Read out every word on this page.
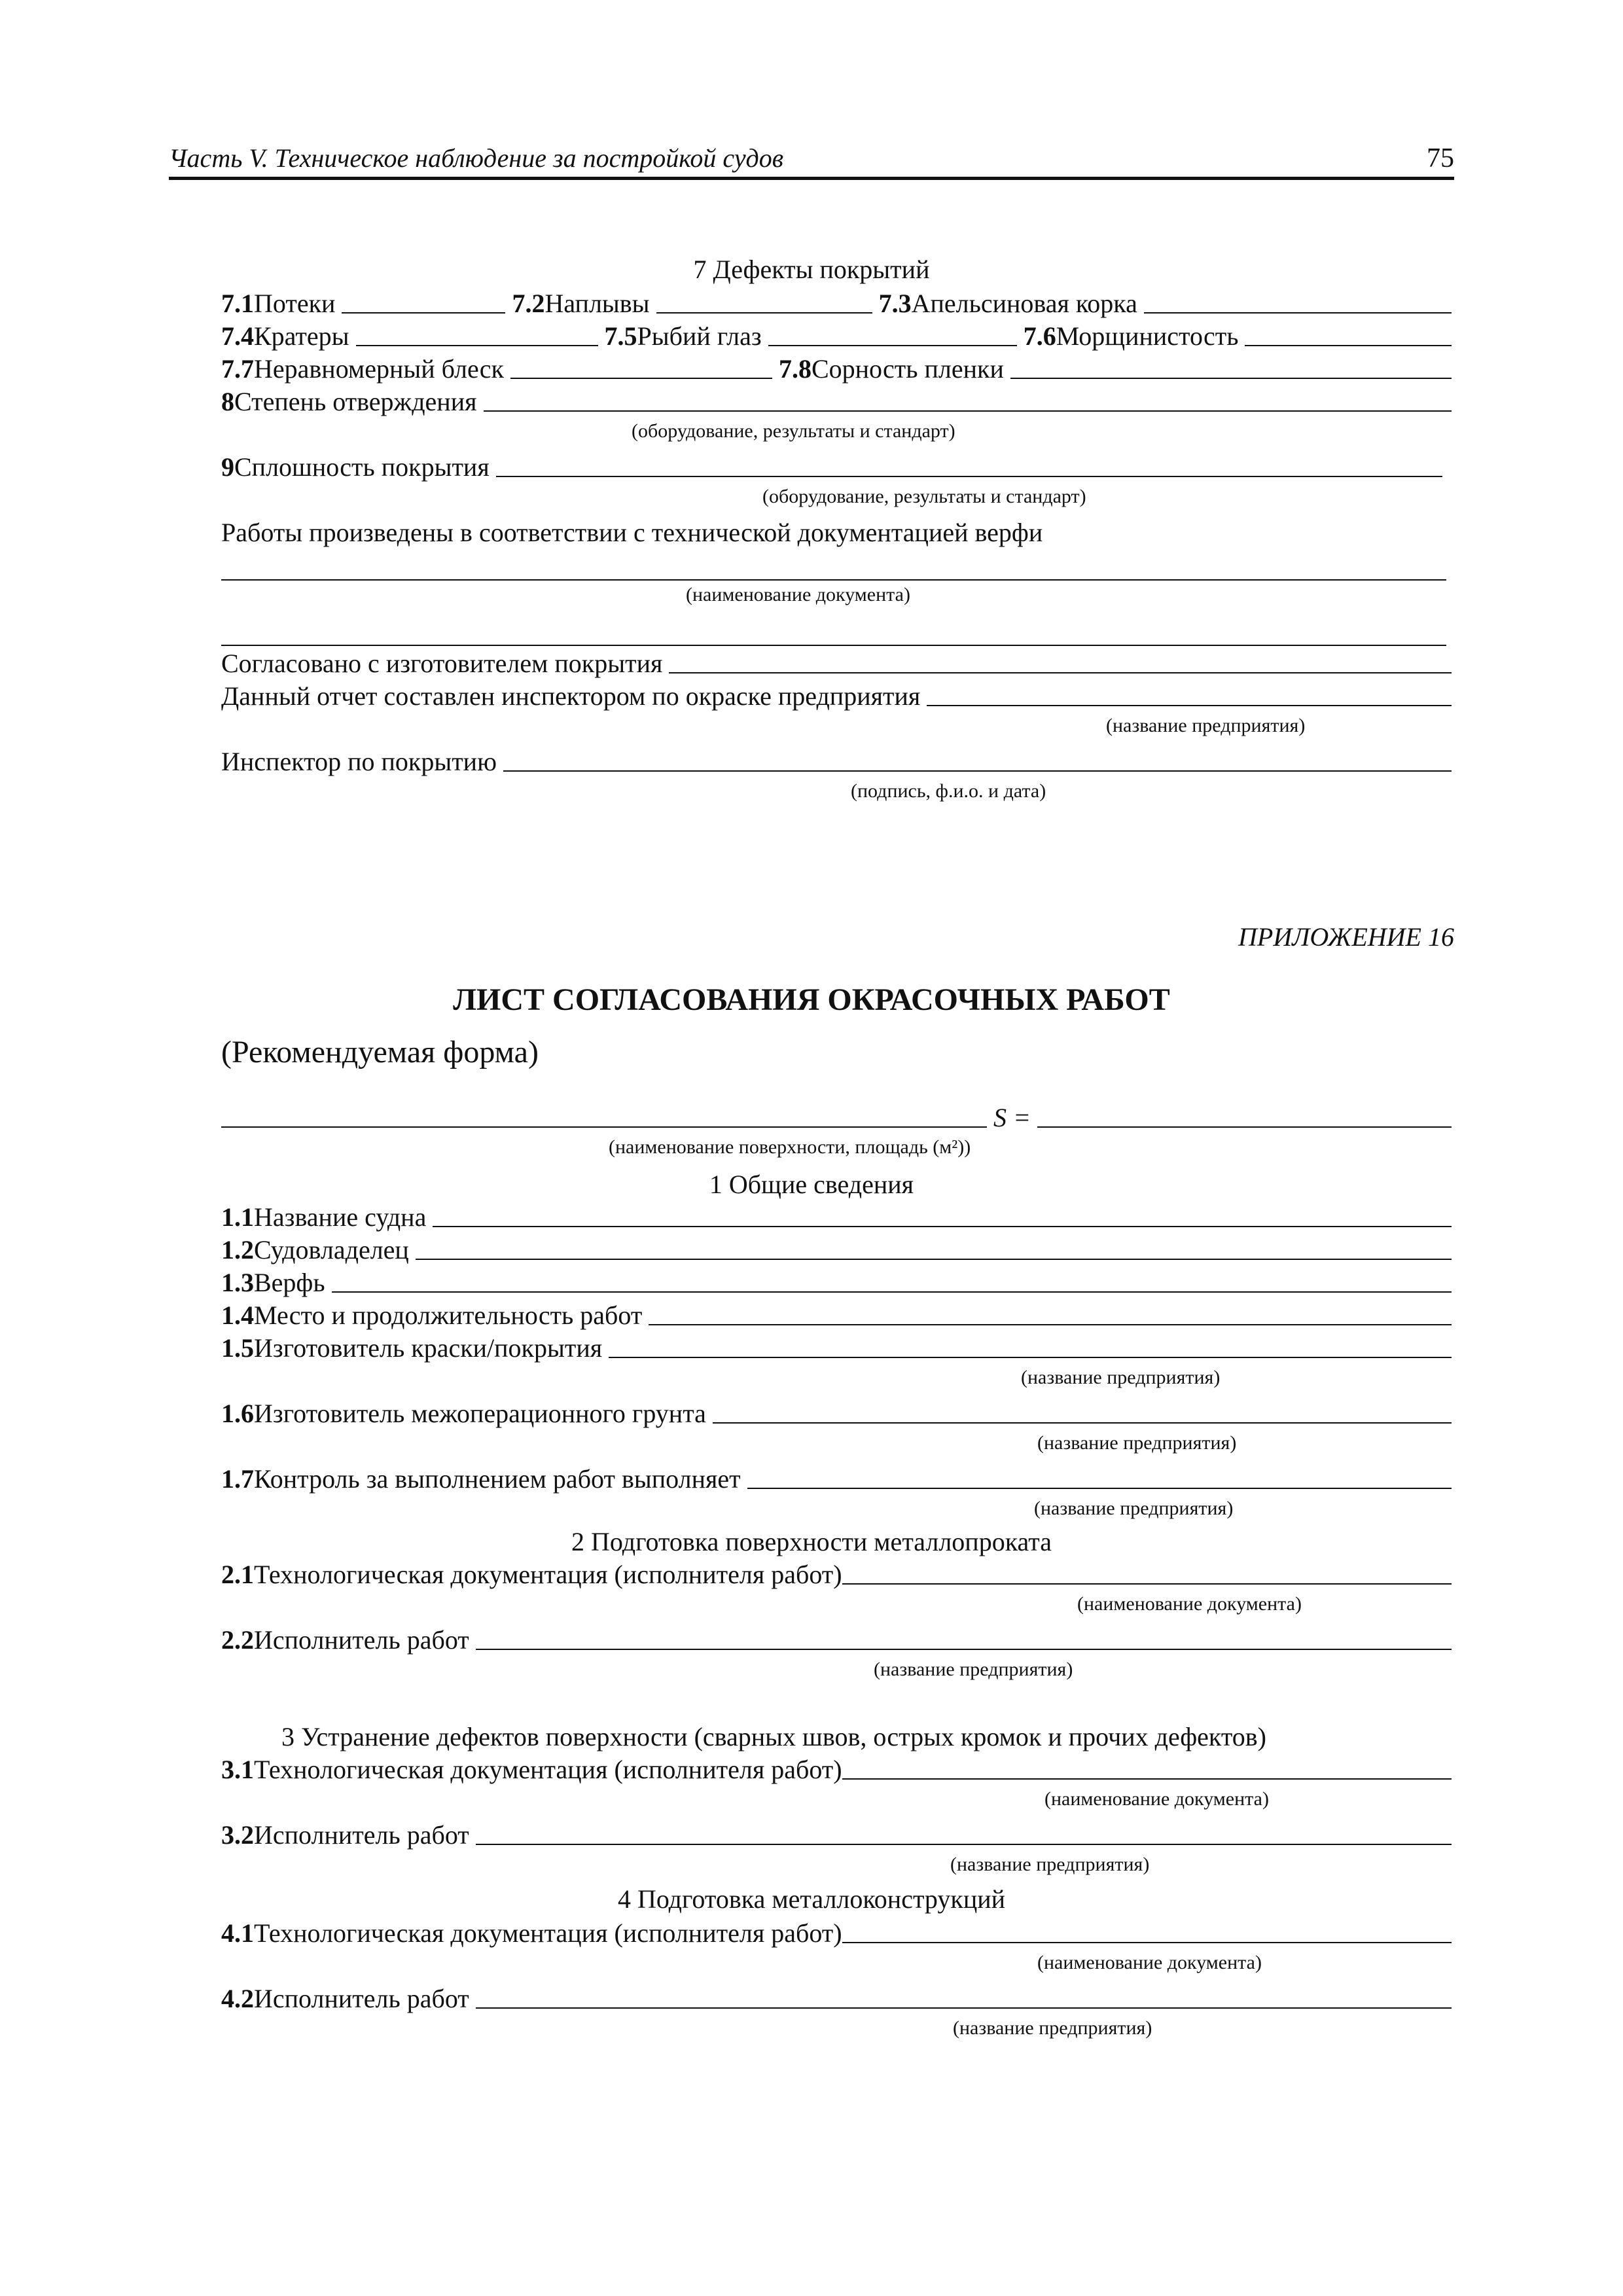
Часть V. Техническое наблюдение за постройкой судов	75
7 Дефекты покрытий
7.1 Потеки	7.2 Наплывы	7.3 Апельсиновая корка
7.4 Кратеры	7.5 Рыбий глаз	7.6 Морщинистость
7.7 Неравномерный блеск	7.8 Сорность пленки
8 Степень отверждения
(оборудование, результаты и стандарт)
9 Сплошность покрытия
(оборудование, результаты и стандарт)
Работы произведены в соответствии с технической документацией верфи
(наименование документа)
Согласовано с изготовителем покрытия
Данный отчет составлен инспектором по окраске предприятия
(название предприятия)
Инспектор по покрытию
(подпись, ф.и.о. и дата)
ПРИЛОЖЕНИЕ 16
ЛИСТ СОГЛАСОВАНИЯ ОКРАСОЧНЫХ РАБОТ
(Рекомендуемая форма)
S =
(наименование поверхности, площадь (м²))
1 Общие сведения
1.1 Название судна
1.2 Судовладелец
1.3 Верфь
1.4 Место и продолжительность работ
1.5 Изготовитель краски/покрытия
(название предприятия)
1.6 Изготовитель межоперационного грунта
(название предприятия)
1.7 Контроль за выполнением работ выполняет
(название предприятия)
2 Подготовка поверхности металлопроката
2.1 Технологическая документация (исполнителя работ)
(наименование документа)
2.2 Исполнитель работ
(название предприятия)
3 Устранение дефектов поверхности (сварных швов, острых кромок и прочих дефектов)
3.1 Технологическая документация (исполнителя работ)
(наименование документа)
3.2 Исполнитель работ
(название предприятия)
4 Подготовка металлоконструкций
4.1 Технологическая документация (исполнителя работ)
(наименование документа)
4.2 Исполнитель работ
(название предприятия)
